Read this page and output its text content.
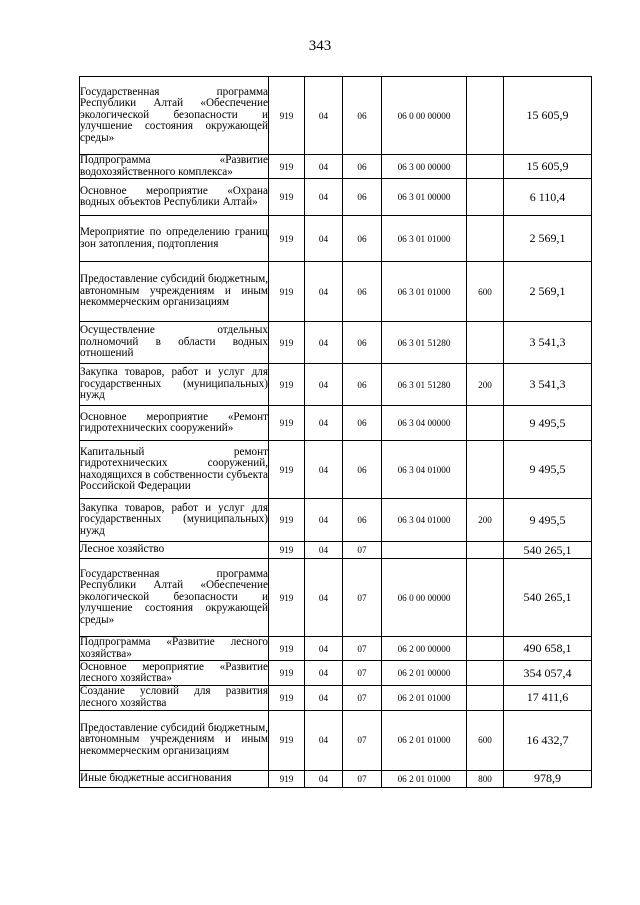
343
Государственная программа Республики Алтай «Обеспечение экологической безопасности и улучшение состояния окружающей среды»	919	04	06	06 0 00 00000		15 605,9
Подпрограмма «Развитие водохозяйственного комплекса»	919	04	06	06 3 00 00000		15 605,9
Основное мероприятие «Охрана водных объектов Республики Алтай»	919	04	06	06 3 01 00000		6 110,4
Мероприятие по определению границ зон затопления, подтопления	919	04	06	06 3 01 01000		2 569,1
Предоставление субсидий бюджетным, автономным учреждениям и иным некоммерческим организациям	919	04	06	06 3 01 01000	600	2 569,1
Осуществление отдельных полномочий в области водных отношений	919	04	06	06 3 01 51280		3 541,3
Закупка товаров, работ и услуг для государственных (муниципальных) нужд	919	04	06	06 3 01 51280	200	3 541,3
Основное мероприятие «Ремонт гидротехнических сооружений»	919	04	06	06 3 04 00000		9 495,5
Капитальный ремонт гидротехнических сооружений, находящихся в собственности субъекта Российской Федерации	919	04	06	06 3 04 01000		9 495,5
Закупка товаров, работ и услуг для государственных (муниципальных) нужд	919	04	06	06 3 04 01000	200	9 495,5
Лесное хозяйство	919	04	07			540 265,1
Государственная программа Республики Алтай «Обеспечение экологической безопасности и улучшение состояния окружающей среды»	919	04	07	06 0 00 00000		540 265,1
Подпрограмма «Развитие лесного хозяйства»	919	04	07	06 2 00 00000		490 658,1
Основное мероприятие «Развитие лесного хозяйства»	919	04	07	06 2 01 00000		354 057,4
Создание условий для развития лесного хозяйства	919	04	07	06 2 01 01000		17 411,6
Предоставление субсидий бюджетным, автономным учреждениям и иным некоммерческим организациям	919	04	07	06 2 01 01000	600	16 432,7
Иные бюджетные ассигнования	919	04	07	06 2 01 01000	800	978,9
